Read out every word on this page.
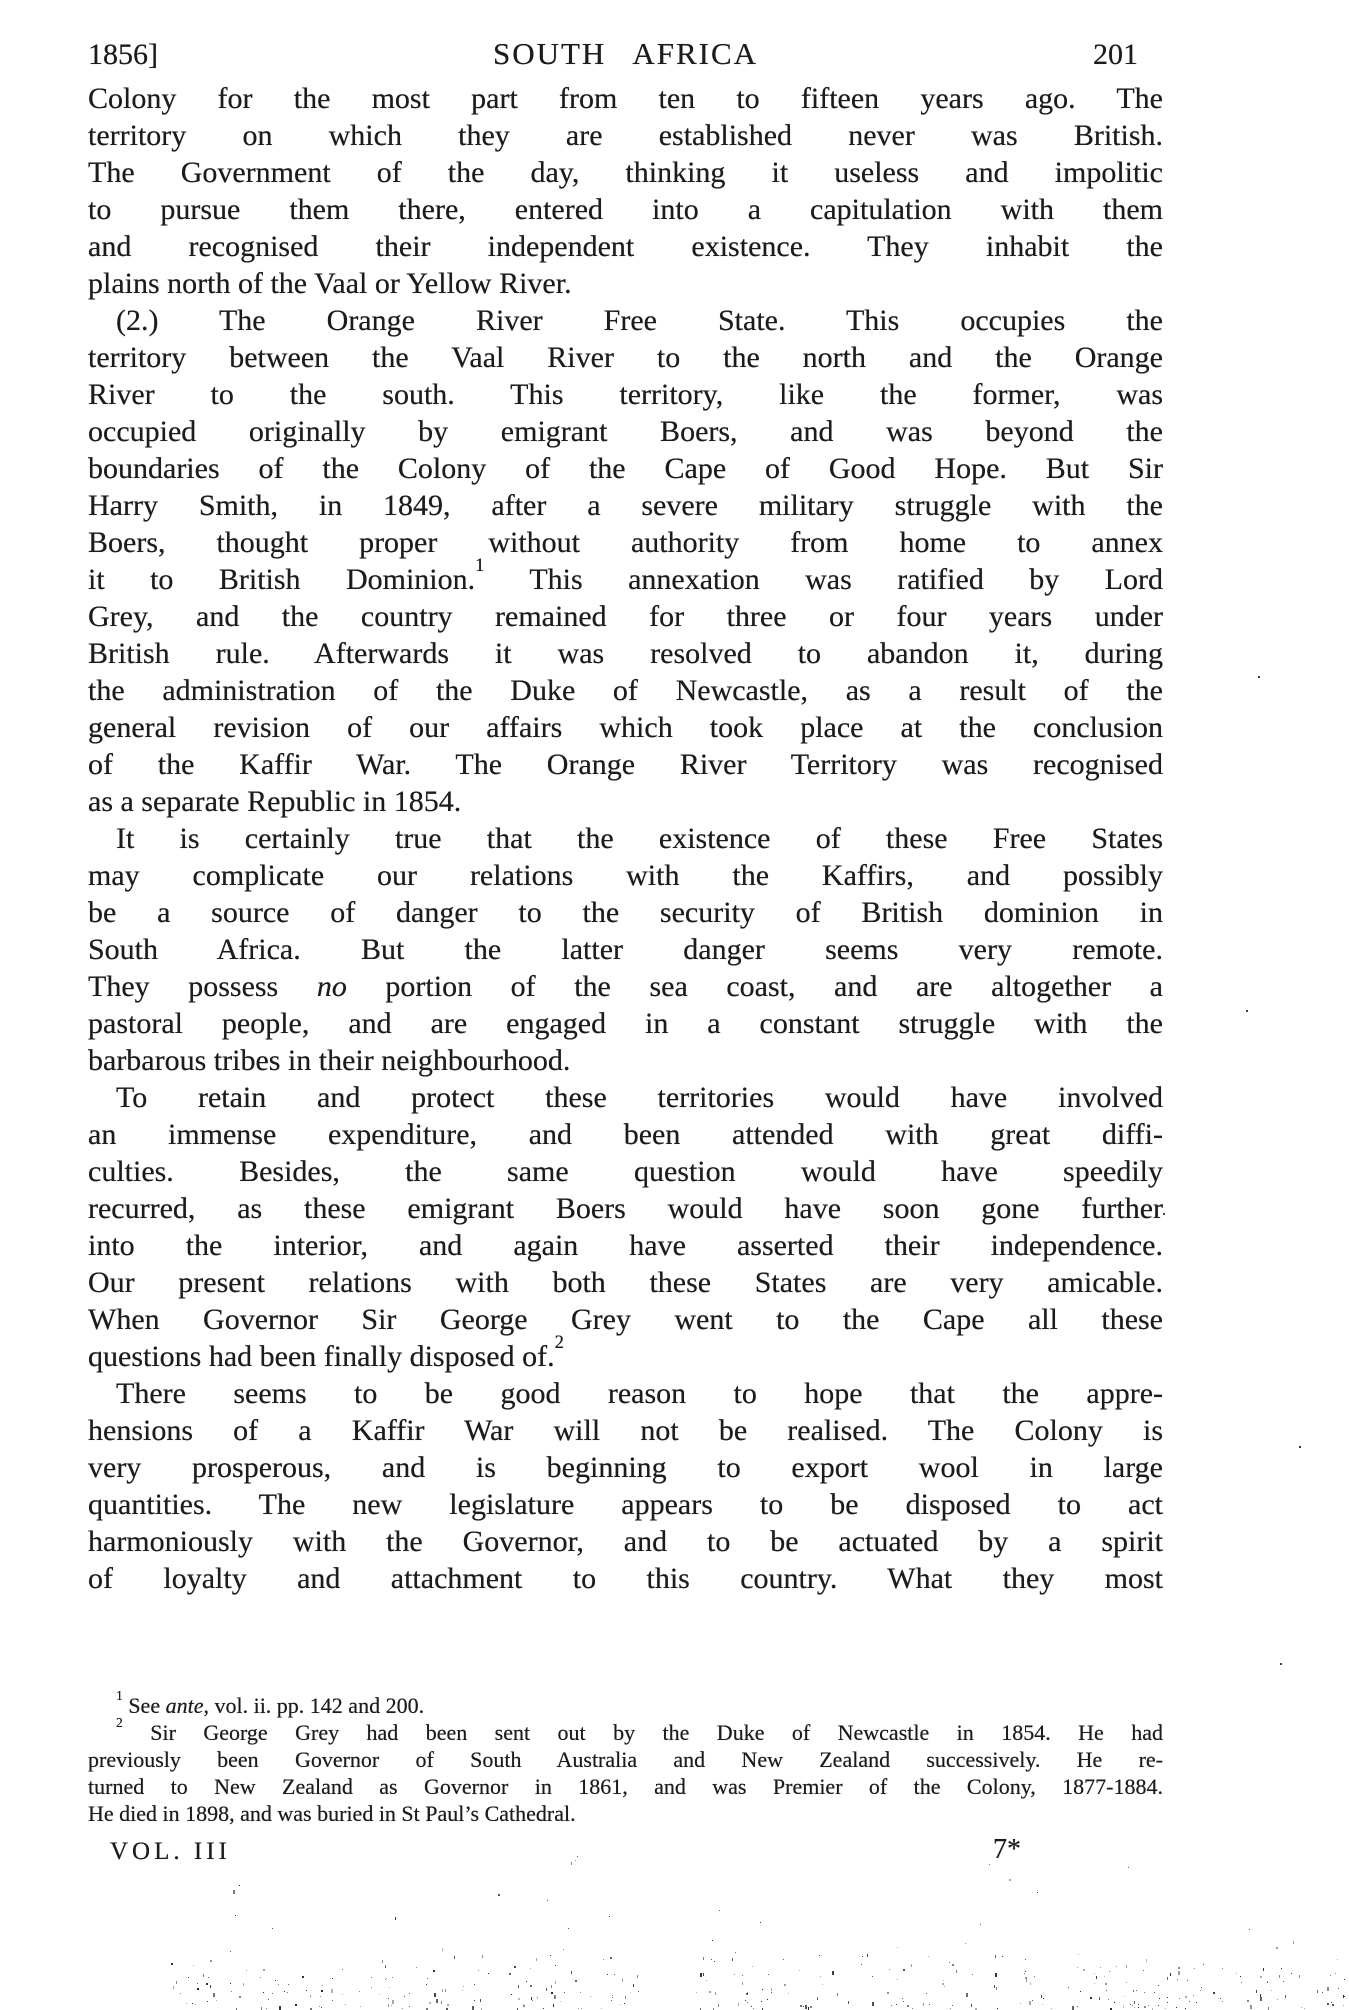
1856]	SOUTH AFRICA	201
Colony for the most part from ten to fifteen years ago. The
territory on which they are established never was British.
The Government of the day, thinking it useless and impolitic
to pursue them there, entered into a capitulation with them
and recognised their independent existence. They inhabit the
plains north of the Vaal or Yellow River.
(2.) The Orange River Free State. This occupies the
territory between the Vaal River to the north and the Orange
River to the south. This territory, like the former, was
occupied originally by emigrant Boers, and was beyond the
boundaries of the Colony of the Cape of Good Hope. But Sir
Harry Smith, in 1849, after a severe military struggle with the
Boers, thought proper without authority from home to annex
it to British Dominion.$^1$ This annexation was ratified by Lord
Grey, and the country remained for three or four years under
British rule. Afterwards it was resolved to abandon it, during
the administration of the Duke of Newcastle, as a result of the
general revision of our affairs which took place at the conclusion
of the Kaffir War. The Orange River Territory was recognised
as a separate Republic in 1854.
It is certainly true that the existence of these Free States
may complicate our relations with the Kaffirs, and possibly
be a source of danger to the security of British dominion in
South Africa. But the latter danger seems very remote.
They possess no portion of the sea coast, and are altogether a
pastoral people, and are engaged in a constant struggle with the
barbarous tribes in their neighbourhood.
To retain and protect these territories would have involved
an immense expenditure, and been attended with great diffi-
culties. Besides, the same question would have speedily
recurred, as these emigrant Boers would have soon gone further
into the interior, and again have asserted their independence.
Our present relations with both these States are very amicable.
When Governor Sir George Grey went to the Cape all these
questions had been finally disposed of.$^2$
There seems to be good reason to hope that the appre-
hensions of a Kaffir War will not be realised. The Colony is
very prosperous, and is beginning to export wool in large
quantities. The new legislature appears to be disposed to act
harmoniously with the Governor, and to be actuated by a spirit
of loyalty and attachment to this country. What they most
$^1$ See ante, vol. ii. pp. 142 and 200.
$^2$ Sir George Grey had been sent out by the Duke of Newcastle in 1854. He had
previously been Governor of South Australia and New Zealand successively. He re-
turned to New Zealand as Governor in 1861, and was Premier of the Colony, 1877-1884.
He died in 1898, and was buried in St Paul’s Cathedral.
VOL. III	7*
